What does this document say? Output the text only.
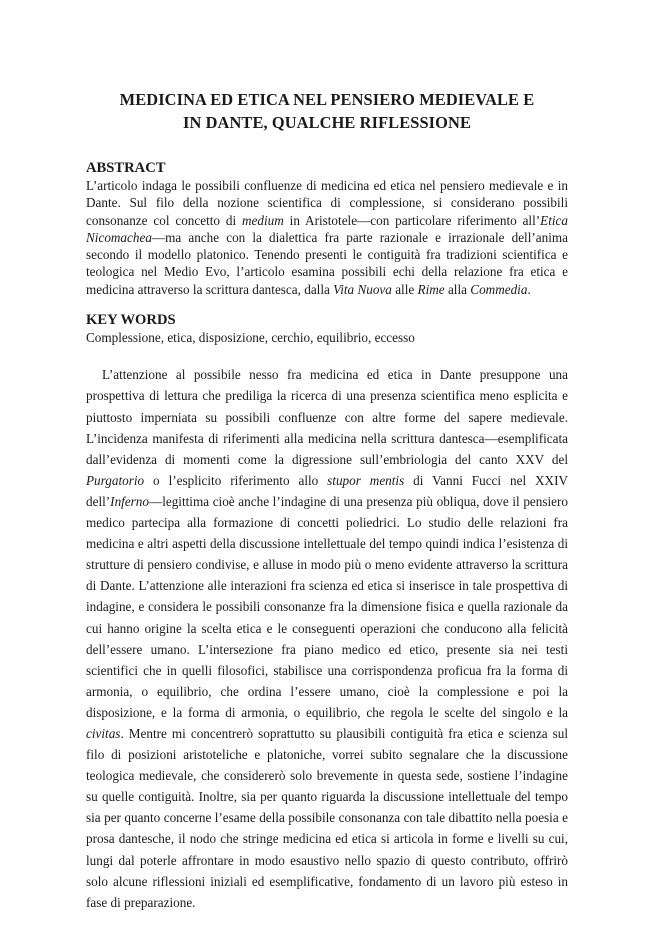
MEDICINA ED ETICA NEL PENSIERO MEDIEVALE E
IN DANTE, QUALCHE RIFLESSIONE
ABSTRACT

L’articolo indaga le possibili confluenze di medicina ed etica nel pensiero medievale e in Dante. Sul filo della nozione scientifica di complessione, si considerano possibili consonanze col concetto di medium in Aristotele—con particolare riferimento all’Etica Nicomachea—ma anche con la dialettica fra parte razionale e irrazionale dell’anima secondo il modello platonico. Tenendo presenti le contiguità fra tradizioni scientifica e teologica nel Medio Evo, l’articolo esamina possibili echi della relazione fra etica e medicina attraverso la scrittura dantesca, dalla Vita Nuova alle Rime alla Commedia.

KEY WORDS

Complessione, etica, disposizione, cerchio, equilibrio, eccesso

L’attenzione al possibile nesso fra medicina ed etica in Dante presuppone una prospettiva di lettura che prediliga la ricerca di una presenza scientifica meno esplicita e piuttosto imperniata su possibili confluenze con altre forme del sapere medievale. L’incidenza manifesta di riferimenti alla medicina nella scrittura dantesca—esemplificata dall’evidenza di momenti come la digressione sull’embriologia del canto XXV del Purgatorio o l’esplicito riferimento allo stupor mentis di Vanni Fucci nel XXIV dell’Inferno—legittima cioè anche l’indagine di una presenza più obliqua, dove il pensiero medico partecipa alla formazione di concetti poliedrici. Lo studio delle relazioni fra medicina e altri aspetti della discussione intellettuale del tempo quindi indica l’esistenza di strutture di pensiero condivise, e alluse in modo più o meno evidente attraverso la scrittura di Dante. L’attenzione alle interazioni fra scienza ed etica si inserisce in tale prospettiva di indagine, e considera le possibili consonanze fra la dimensione fisica e quella razionale da cui hanno origine la scelta etica e le conseguenti operazioni che conducono alla felicità dell’essere umano. L’intersezione fra piano medico ed etico, presente sia nei testi scientifici che in quelli filosofici, stabilisce una corrispondenza proficua fra la forma di armonia, o equilibrio, che ordina l’essere umano, cioè la complessione e poi la disposizione, e la forma di armonia, o equilibrio, che regola le scelte del singolo e la civitas. Mentre mi concentrerò soprattutto su plausibili contiguità fra etica e scienza sul filo di posizioni aristoteliche e platoniche, vorrei subito segnalare che la discussione teologica medievale, che considererò solo brevemente in questa sede, sostiene l’indagine su quelle contiguità. Inoltre, sia per quanto riguarda la discussione intellettuale del tempo sia per quanto concerne l’esame della possibile consonanza con tale dibattito nella poesia e prosa dantesche, il nodo che stringe medicina ed etica si articola in forme e livelli su cui, lungi dal poterle affrontare in modo esaustivo nello spazio di questo contributo, offrirò solo alcune riflessioni iniziali ed esemplificative, fondamento di un lavoro più esteso in fase di preparazione.
